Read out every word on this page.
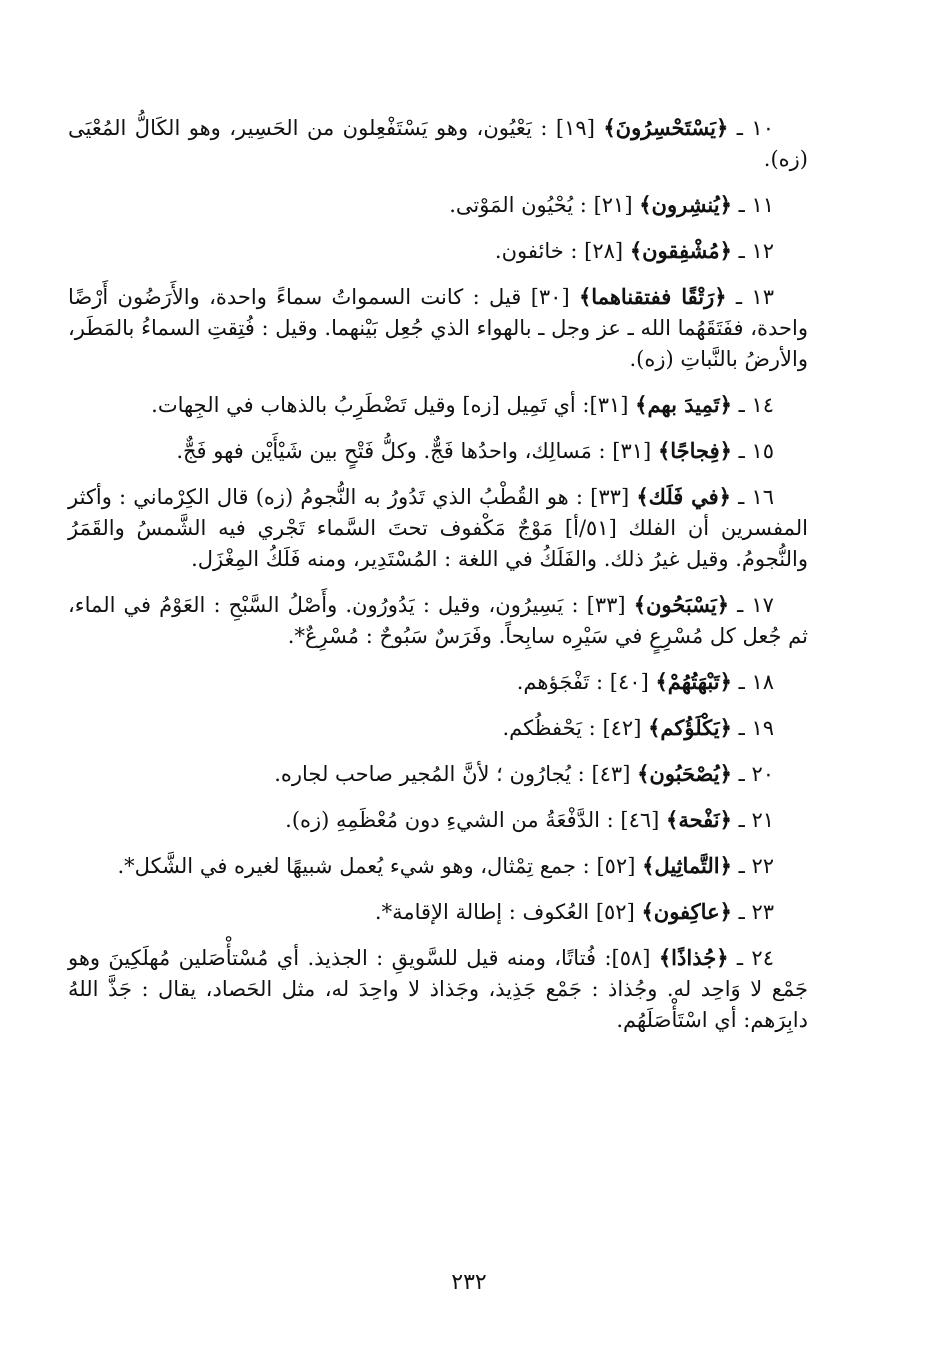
١٠ ـ ﴿يَسْتَحْسِرُونَ﴾ [١٩] : يَعْيُون، وهو يَسْتَفْعِلون من الحَسِير، وهو الكَالُّ المُعْيَى (زه).

١١ ـ ﴿يُنشِرون﴾ [٢١] : يُحْيُون المَوْتى.

١٢ ـ ﴿مُشْفِقون﴾ [٢٨] : خائفون.

١٣ ـ ﴿رَتْقًا ففتقناهما﴾ [٣٠] قيل : كانت السمواتُ سماءً واحدة، والأَرَضُون أَرْضًا واحدة، ففَتَقَهُما الله ـ عز وجل ـ بالهواء الذي جُعِل بَيْنهما. وقيل : فُتِقتِ السماءُ بالمَطَر، والأرضُ بالنَّباتِ (زه).

١٤ ـ ﴿تَمِيدَ بهم﴾ [٣١]: أي تَمِيل [زه] وقيل تَضْطَرِبُ بالذهاب في الجِهات.

١٥ ـ ﴿فِجاجًا﴾ [٣١] : مَسالِك، واحدُها فَجٌّ. وكلُّ فَتْحٍ بين شَيْأَيْن فهو فَجٌّ.

١٦ ـ ﴿في فَلَك﴾ [٣٣] : هو القُطْبُ الذي تَدُورُ به النُّجومُ (زه) قال الكِرْماني : وأكثر المفسرين أن الفلك [٥١/أ] مَوْجٌ مَكْفوف تحتَ السَّماء تَجْري فيه الشَّمسُ والقَمَرُ والنُّجومُ. وقيل غيرُ ذلك. والفَلَكُ في اللغة : المُسْتَدِير، ومنه فَلَكُ المِغْزَل.

١٧ ـ ﴿يَسْبَحُون﴾ [٣٣] : يَسِيرُون، وقيل : يَدُورُون. وأَصْلُ السَّبْحِ : العَوْمُ في الماء، ثم جُعل كل مُسْرِعٍ في سَيْرِه سابِحاً. وفَرَسٌ سَبُوحٌ : مُسْرِعٌ*.

١٨ ـ ﴿تَبْهَتُهُمْ﴾ [٤٠] : تَفْجَؤهم.

١٩ ـ ﴿يَكْلَؤُكم﴾ [٤٢] : يَحْفظُكم.

٢٠ ـ ﴿يُصْحَبُون﴾ [٤٣] : يُجارُون ؛ لأنَّ المُجير صاحب لجاره.

٢١ ـ ﴿نَفْحة﴾ [٤٦] : الدَّفْعَةُ من الشيءِ دون مُعْظَمِهِ (زه).

٢٢ ـ ﴿التَّماثِيل﴾ [٥٢] : جمع تِمْثال، وهو شيء يُعمل شبيهًا لغيره في الشَّكل*.

٢٣ ـ ﴿عاكِفون﴾ [٥٢] العُكوف : إطالة الإقامة*.

٢٤ ـ ﴿جُذاذًا﴾ [٥٨]: فُتاتًا، ومنه قيل للسَّويقِ : الجذيذ. أي مُسْتأْصَلين مُهلَكِينَ وهو جَمْع لا وَاحِد له. وجُذاذ : جَمْع جَذِيذ، وجَذاذ لا واحِدَ له، مثل الحَصاد، يقال : جَذَّ اللهُ دابِرَهم: أي اسْتَأْصَلَهُم.

٢٣٢
